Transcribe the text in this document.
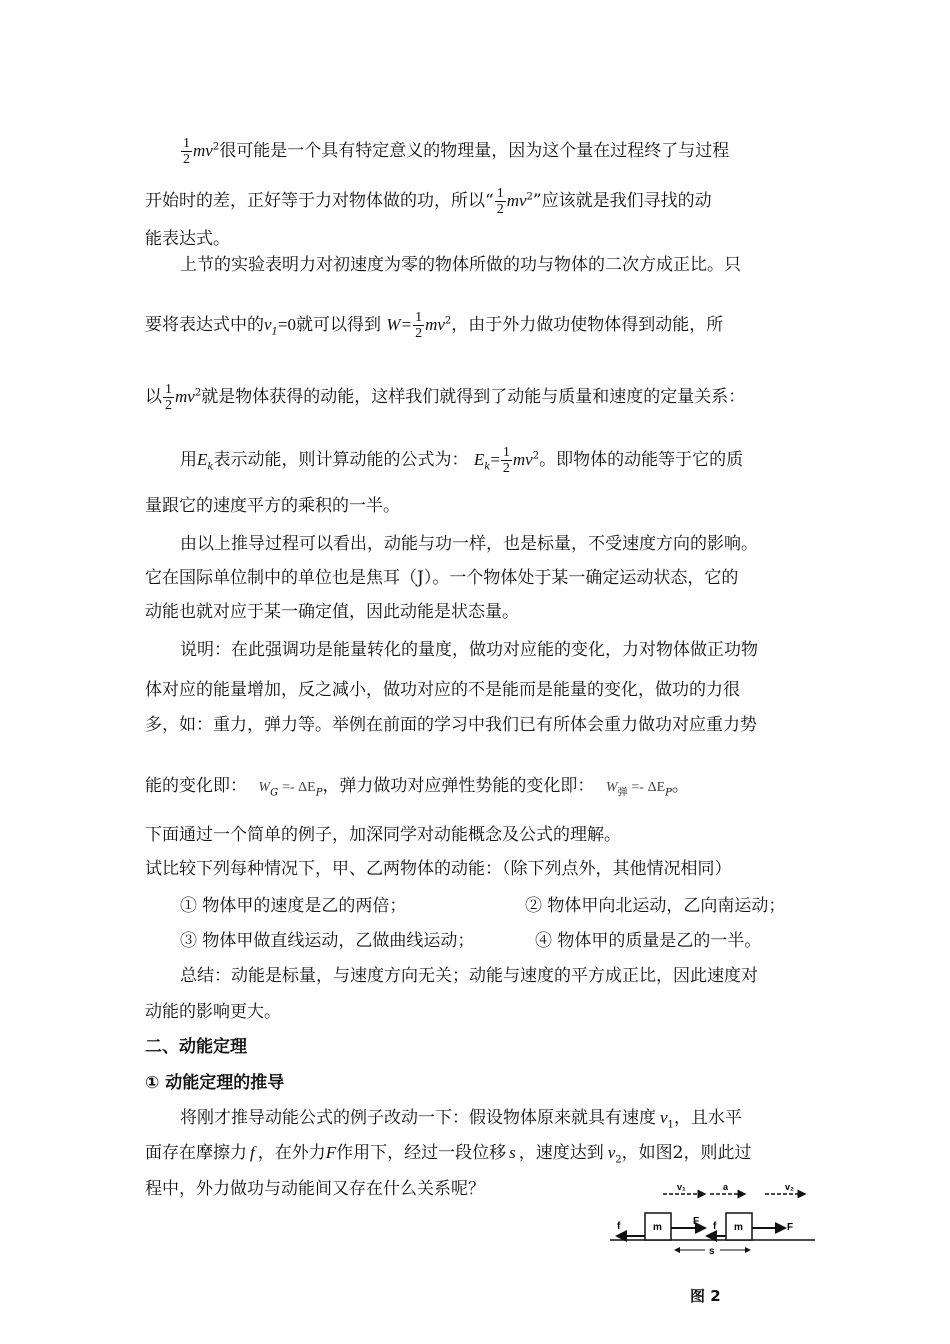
$\frac{1}{2} mv^2$很可能是一个具有特定意义的物理量，因为这个量在过程终了与过程
开始时的差，正好等于力对物体做的功，所以“ $\frac{1}{2} mv^2$”应该就是我们寻找的动
能表达式。
上节的实验表明力对初速度为零的物体所做的功与物体的二次方成正比。只
要将表达式中的$v_1=0$就可以得到 $W= \frac{1}{2} mv^2$，由于外力做功使物体得到动能，所
以 $\frac{1}{2} mv^2$就是物体获得的动能，这样我们就得到了动能与质量和速度的定量关系：
用$E_k$表示动能，则计算动能的公式为： $E_k= \frac{1}{2} mv^2$。即物体的动能等于它的质
量跟它的速度平方的乘积的一半。
由以上推导过程可以看出，动能与功一样，也是标量，不受速度方向的影响。
它在国际单位制中的单位也是焦耳（J）。一个物体处于某一确定运动状态，它的
动能也就对应于某一确定值，因此动能是状态量。
说明：在此强调功是能量转化的量度，做功对应能的变化，力对物体做正功物
体对应的能量增加，反之减小，做功对应的不是能而是能量的变化，做功的力很
多，如：重力，弹力等。举例在前面的学习中我们已有所体会重力做功对应重力势
能的变化即： $W_G =- \Delta E_P$，弹力做功对应弹性势能的变化即： $W_弹 =- \Delta E_P$。
下面通过一个简单的例子，加深同学对动能概念及公式的理解。
试比较下列每种情况下，甲、乙两物体的动能：（除下列点外，其他情况相同）
① 物体甲的速度是乙的两倍；	② 物体甲向北运动，乙向南运动；
③ 物体甲做直线运动，乙做曲线运动；	④ 物体甲的质量是乙的一半。
总结：动能是标量，与速度方向无关；动能与速度的平方成正比，因此速度对
动能的影响更大。
二、动能定理
① 动能定理的推导
将刚才推导动能公式的例子改动一下：假设物体原来就具有速度 $v_1$，且水平
面存在摩擦力 f ，在外力F作用下，经过一段位移 s ，速度达到 $v_2$，如图2，则此过
程中，外力做功与动能间又存在什么关系呢？	v₁	a	v₂
m
f	F
m
f	F
s
图 2
